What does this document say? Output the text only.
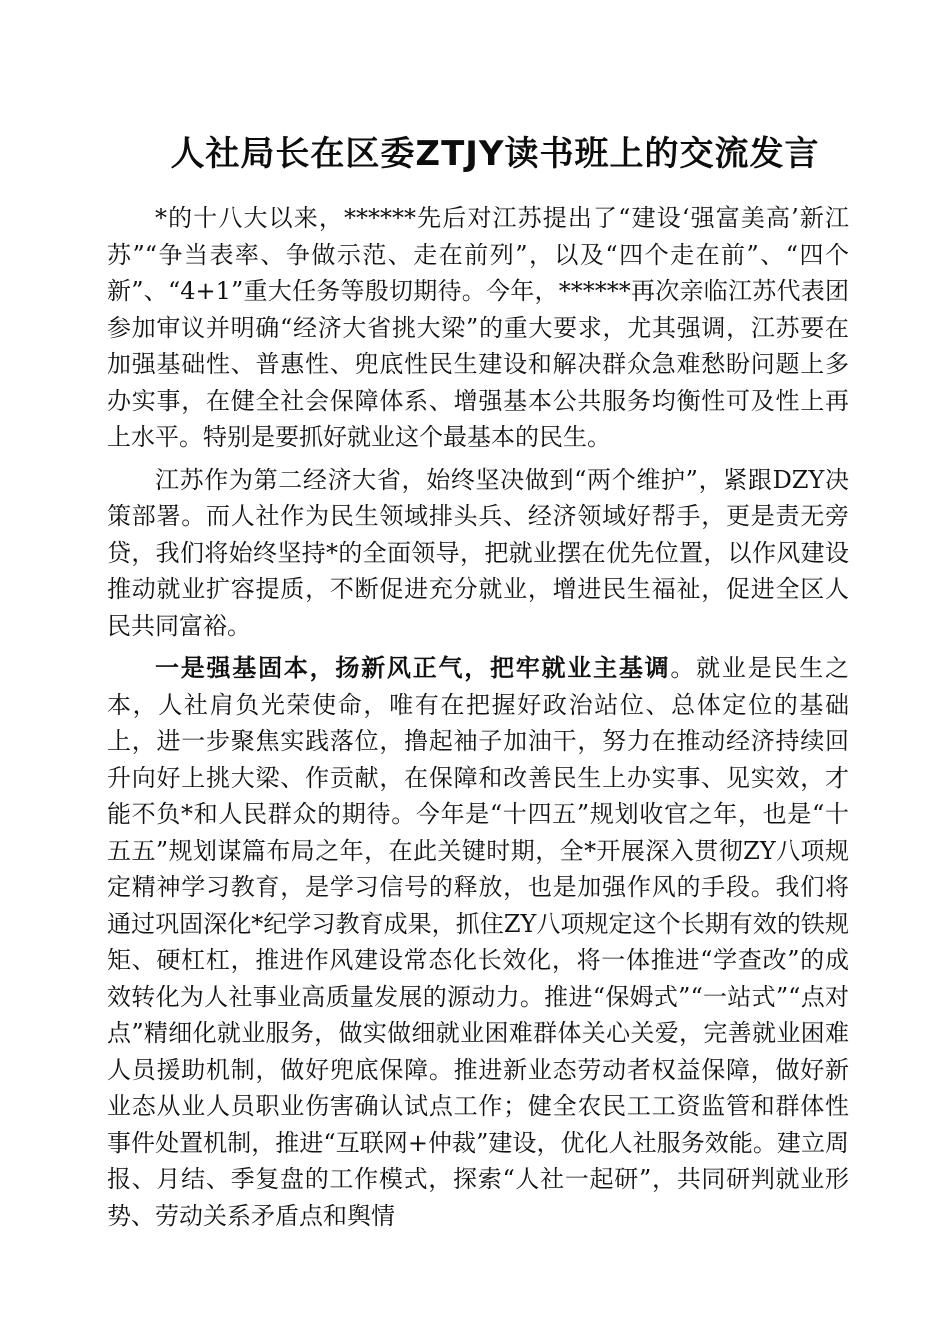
人社局长在区委ZTJY读书班上的交流发言

*的十八大以来，******先后对江苏提出了“建设‘强富美高’新江苏”“争当表率、争做示范、走在前列”，以及“四个走在前”、“四个新”、“4+1”重大任务等殷切期待。今年，******再次亲临江苏代表团参加审议并明确“经济大省挑大梁”的重大要求，尤其强调，江苏要在加强基础性、普惠性、兜底性民生建设和解决群众急难愁盼问题上多办实事，在健全社会保障体系、增强基本公共服务均衡性可及性上再上水平。特别是要抓好就业这个最基本的民生。

江苏作为第二经济大省，始终坚决做到“两个维护”，紧跟DZY决策部署。而人社作为民生领域排头兵、经济领域好帮手，更是责无旁贷，我们将始终坚持*的全面领导，把就业摆在优先位置，以作风建设推动就业扩容提质，不断促进充分就业，增进民生福祉，促进全区人民共同富裕。

一是强基固本，扬新风正气，把牢就业主基调。就业是民生之本，人社肩负光荣使命，唯有在把握好政治站位、总体定位的基础上，进一步聚焦实践落位，撸起袖子加油干，努力在推动经济持续回升向好上挑大梁、作贡献，在保障和改善民生上办实事、见实效，才能不负*和人民群众的期待。今年是“十四五”规划收官之年，也是“十五五”规划谋篇布局之年，在此关键时期，全*开展深入贯彻ZY八项规定精神学习教育，是学习信号的释放，也是加强作风的手段。我们将通过巩固深化*纪学习教育成果，抓住ZY八项规定这个长期有效的铁规矩、硬杠杠，推进作风建设常态化长效化，将一体推进“学查改”的成效转化为人社事业高质量发展的源动力。推进“保姆式”“一站式”“点对点”精细化就业服务，做实做细就业困难群体关心关爱，完善就业困难人员援助机制，做好兜底保障。推进新业态劳动者权益保障，做好新业态从业人员职业伤害确认试点工作；健全农民工工资监管和群体性事件处置机制，推进“互联网+仲裁”建设，优化人社服务效能。建立周报、月结、季复盘的工作模式，探索“人社一起研”，共同研判就业形势、劳动关系矛盾点和舆情
